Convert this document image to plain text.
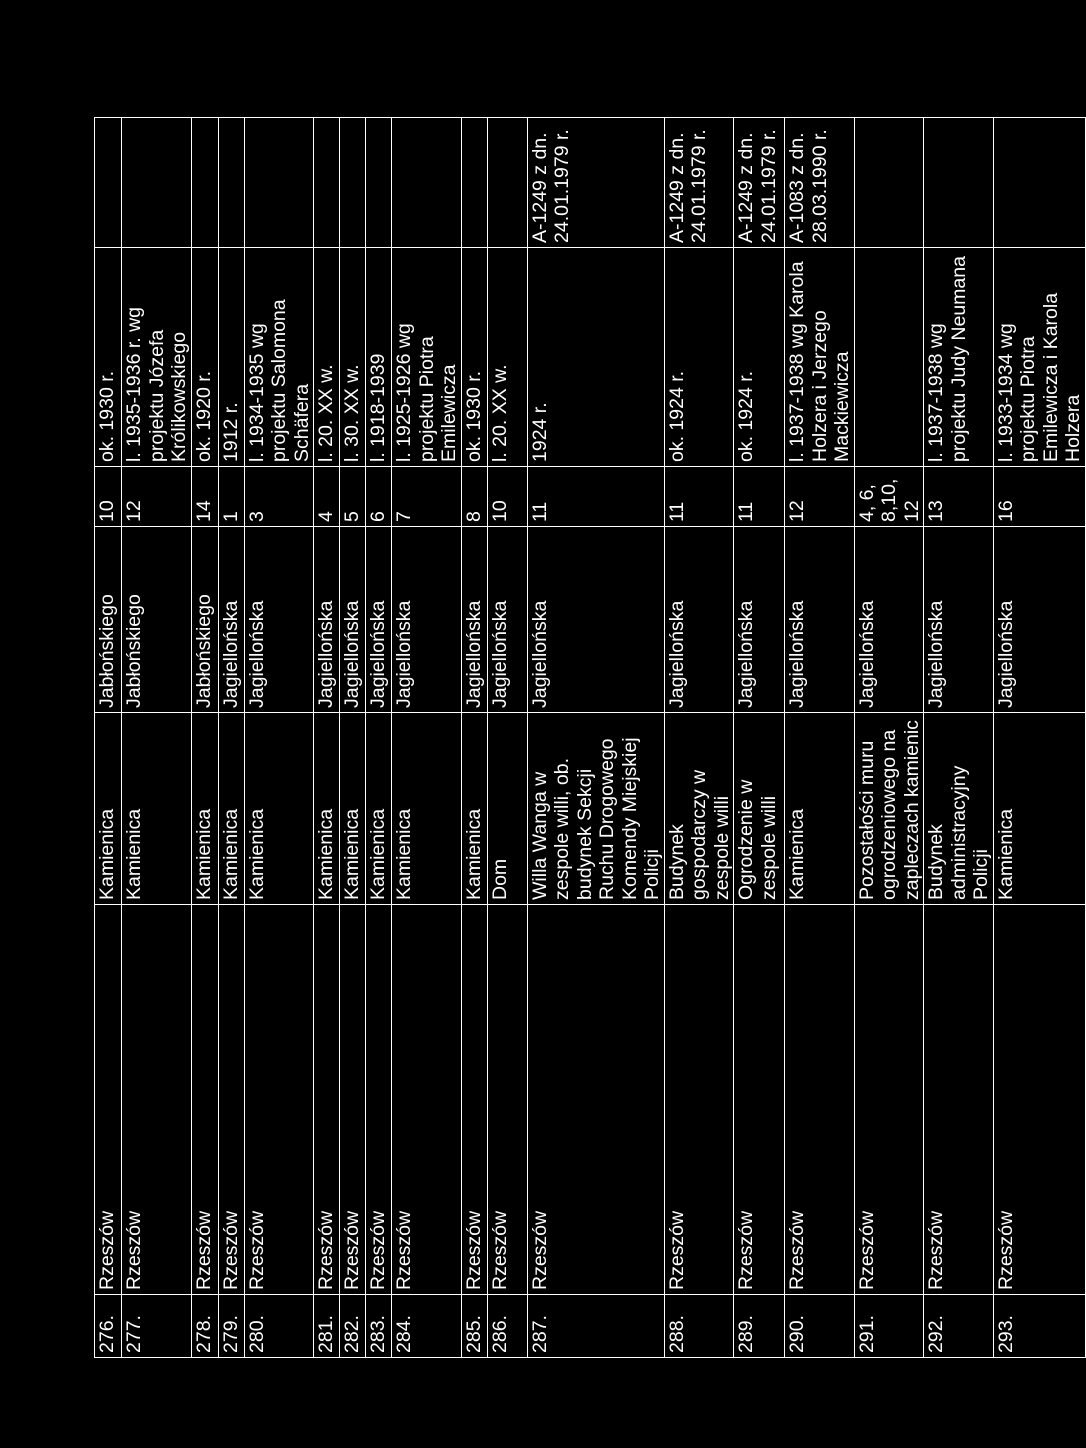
276.	Rzeszów	Kamienica	Jabłońskiego	10	ok. 1930 r.	
277.	Rzeszów	Kamienica	Jabłońskiego	12	l. 1935-1936 r. wg projektu Józefa Królikowskiego	
278.	Rzeszów	Kamienica	Jabłońskiego	14	ok. 1920 r.	
279.	Rzeszów	Kamienica	Jagiellońska	1	1912 r.	
280.	Rzeszów	Kamienica	Jagiellońska	3	l. 1934-1935 wg projektu Salomona Schäfera	
281.	Rzeszów	Kamienica	Jagiellońska	4	l. 20. XX w.	
282.	Rzeszów	Kamienica	Jagiellońska	5	l. 30. XX w.	
283.	Rzeszów	Kamienica	Jagiellońska	6	l. 1918-1939	
284.	Rzeszów	Kamienica	Jagiellońska	7	l. 1925-1926 wg projektu Piotra Emilewicza	
285.	Rzeszów	Kamienica	Jagiellońska	8	ok. 1930 r.	
286.	Rzeszów	Dom	Jagiellońska	10	l. 20. XX w.	
287.	Rzeszów	Willa Wanga w zespole willi, ob. budynek Sekcji Ruchu Drogowego Komendy Miejskiej Policji	Jagiellońska	11	1924 r.	A-1249 z dn. 24.01.1979 r.
288.	Rzeszów	Budynek gospodarczy w zespole willi	Jagiellońska	11	ok. 1924 r.	A-1249 z dn. 24.01.1979 r.
289.	Rzeszów	Ogrodzenie w zespole willi	Jagiellońska	11	ok. 1924 r.	A-1249 z dn. 24.01.1979 r.
290.	Rzeszów	Kamienica	Jagiellońska	12	l. 1937-1938 wg Karola Holzera i Jerzego Mackiewicza	A-1083 z dn. 28.03.1990 r.
291.	Rzeszów	Pozostałości muru ogrodzeniowego na zapleczach kamienic	Jagiellońska	4, 6, 8,10, 12		
292.	Rzeszów	Budynek administracyjny Policji	Jagiellońska	13	l. 1937-1938 wg projektu Judy Neumana	
293.	Rzeszów	Kamienica	Jagiellońska	16	l. 1933-1934 wg projektu Piotra Emilewicza i Karola Holzera	
